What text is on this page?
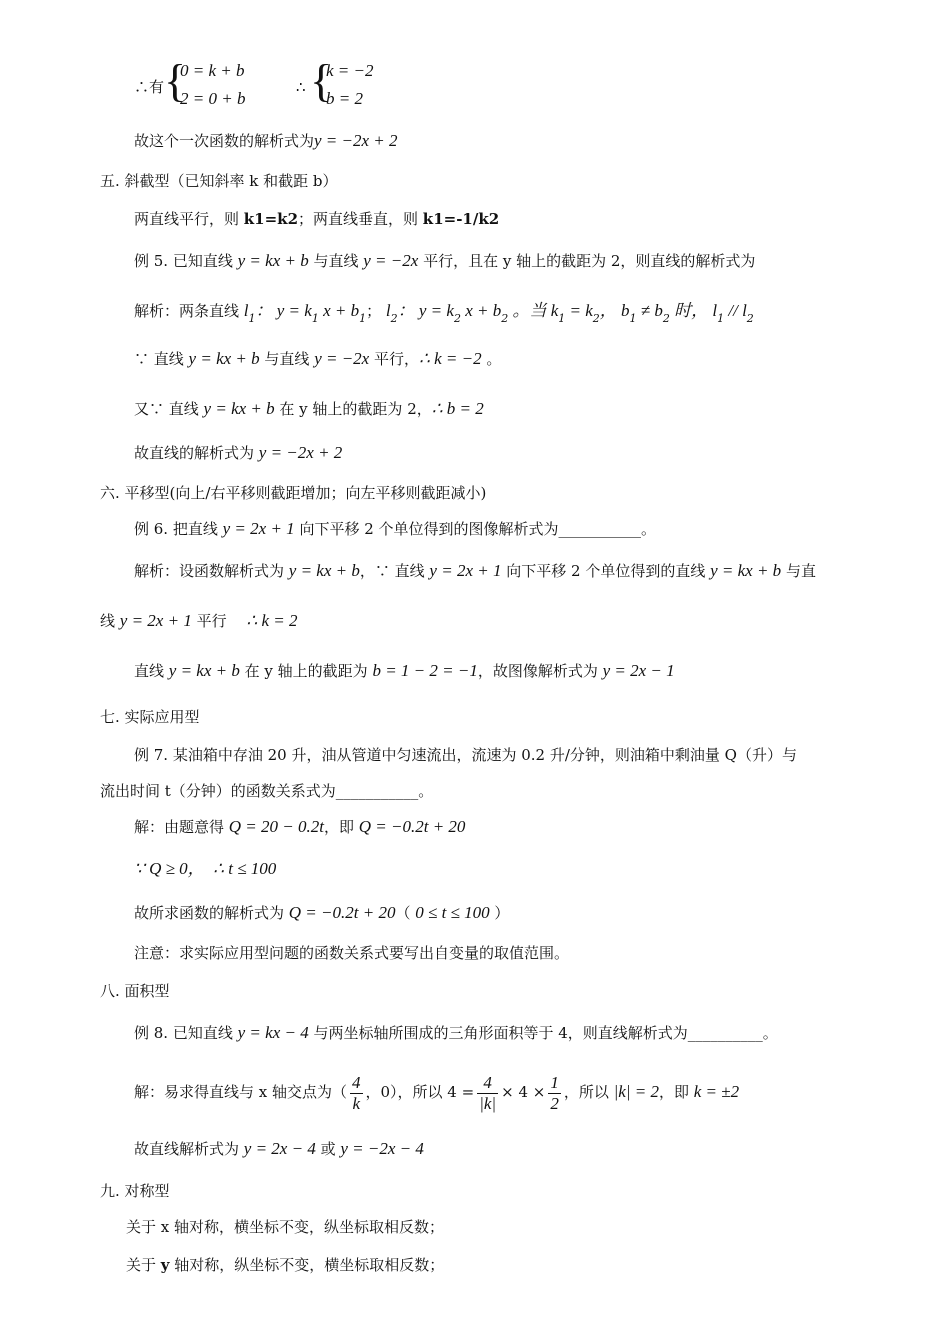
∴有 {
0 = k + b
2 = 0 + b
∴ {
k = −2
b = 2
故这个一次函数的解析式为y = −2x + 2
五. 斜截型（已知斜率 k 和截距 b）
两直线平行，则 k1=k2；两直线垂直，则 k1=-1/k2
例 5. 已知直线 y = kx + b 与直线 y = −2x 平行，且在 y 轴上的截距为 2，则直线的解析式为
解析：两条直线 $l_1$： $y = k_1$ $x + b_1$； $l_2$： $y = k_2$ $x + b_2$ 。当 $k_1 = k_2$， $b_1 \ne b_2$ 时， $l_1 // l_2$
∵ 直线 y = kx + b 与直线 y = −2x 平行，∴ k = −2 。
又∵ 直线 y = kx + b 在 y 轴上的截距为 2，∴ b = 2
故直线的解析式为 y = −2x + 2
六. 平移型(向上/右平移则截距增加；向左平移则截距减小)
例 6. 把直线 y = 2x + 1 向下平移 2 个单位得到的图像解析式为___________。
解析：设函数解析式为 y = kx + b，∵ 直线 y = 2x + 1 向下平移 2 个单位得到的直线 y = kx + b 与直
线 y = 2x + 1 平行　 ∴ k = 2
直线 y = kx + b 在 y 轴上的截距为 b = 1 − 2 = −1，故图像解析式为 y = 2x − 1
七. 实际应用型
例 7. 某油箱中存油 20 升，油从管道中匀速流出，流速为 0.2 升/分钟，则油箱中剩油量 Q（升）与
流出时间 t（分钟）的函数关系式为___________。
解：由题意得 Q = 20 − 0.2t，即 Q = −0.2t + 20
∵ Q ≥ 0，　∴ t ≤ 100
故所求函数的解析式为 Q = −0.2t + 20（ 0 ≤ t ≤ 100 ）
注意：求实际应用型问题的函数关系式要写出自变量的取值范围。
八. 面积型
例 8. 已知直线 y = kx − 4 与两坐标轴所围成的三角形面积等于 4，则直线解析式为__________。
解：易求得直线与 x 轴交点为（ $\frac{4}{k}$ ，0），所以 $4 = \frac{4}{|k|} \times 4 \times \frac{1}{2}$ ，所以 |k| = 2，即 k = ±2
故直线解析式为 y = 2x − 4 或 y = −2x − 4
九. 对称型
关于 x 轴对称，横坐标不变，纵坐标取相反数；
关于 y 轴对称，纵坐标不变，横坐标取相反数；
